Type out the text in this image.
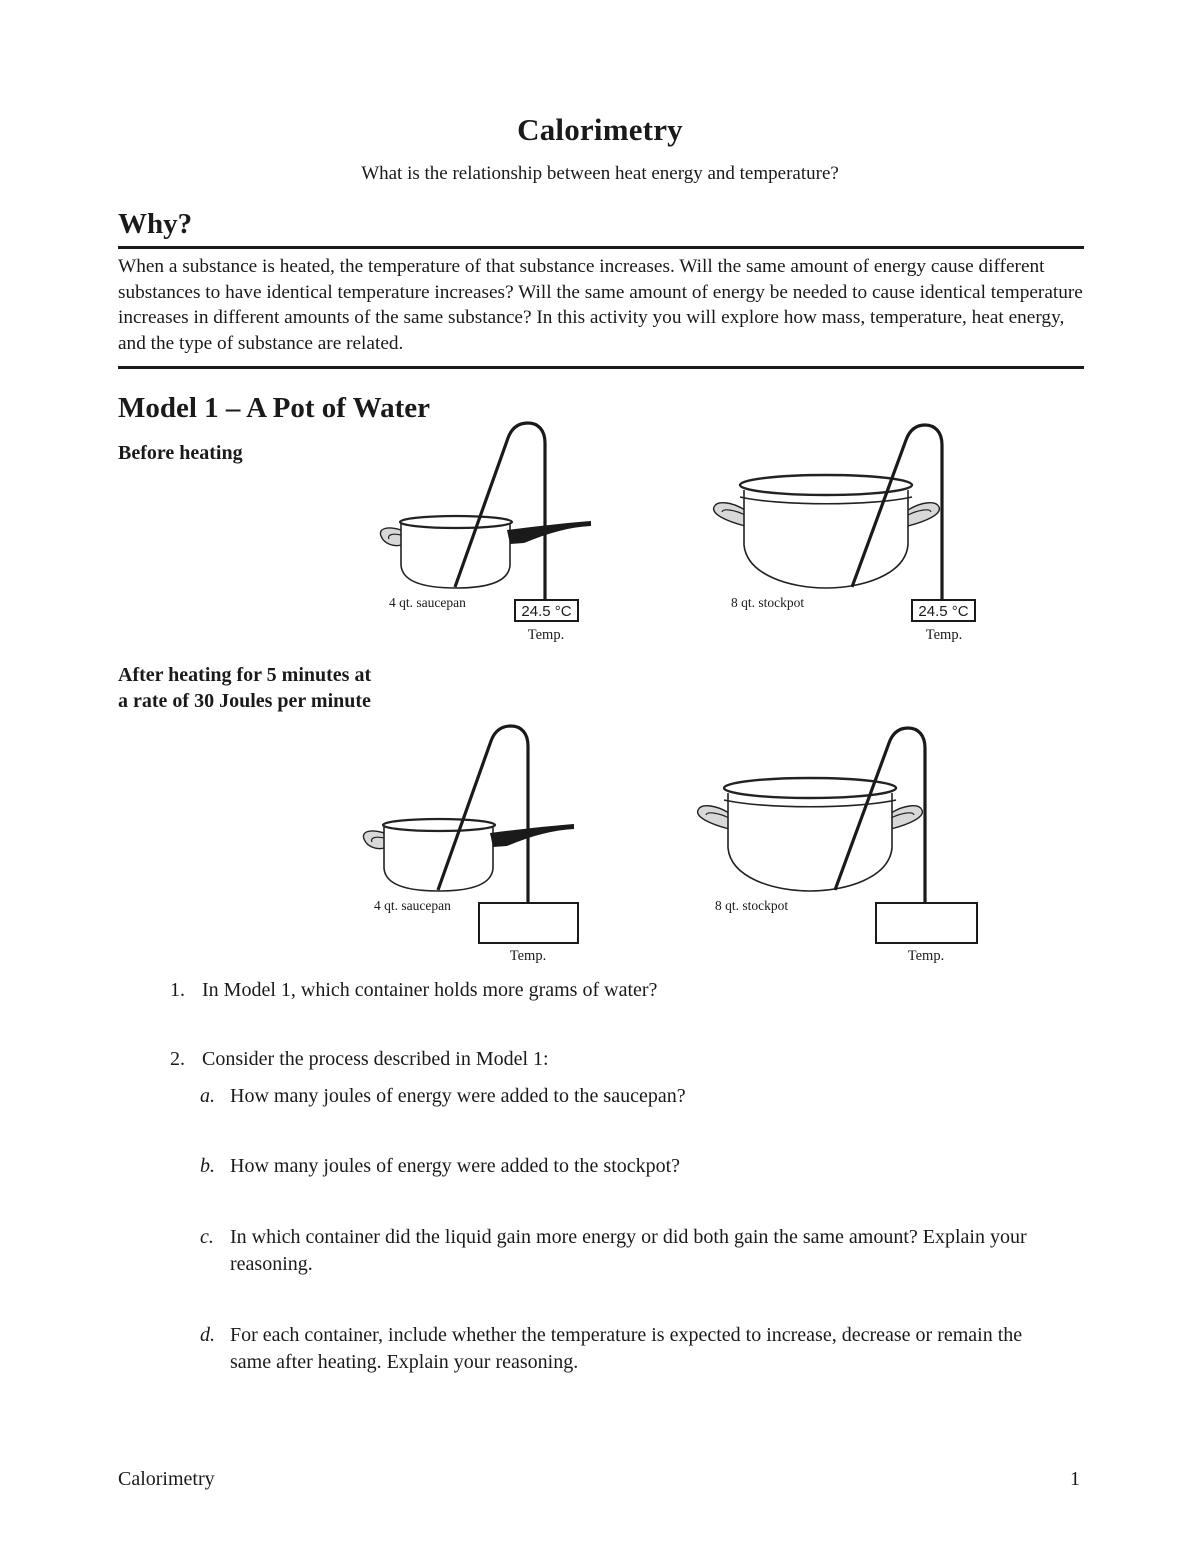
Calorimetry
What is the relationship between heat energy and temperature?
Why?
When a substance is heated, the temperature of that substance increases. Will the same amount of energy cause different substances to have identical temperature increases? Will the same amount of energy be needed to cause identical temperature increases in different amounts of the same substance? In this activity you will explore how mass, temperature, heat energy, and the type of substance are related.
Model 1 – A Pot of Water
Before heating
After heating for 5 minutes at
a rate of 30 Joules per minute
24.5 °C
Temp.
4 qt. saucepan
24.5 °C
Temp.
8 qt. stockpot
Temp.
4 qt. saucepan
Temp.
8 qt. stockpot
1. In Model 1, which container holds more grams of water?
2. Consider the process described in Model 1:
a. How many joules of energy were added to the saucepan?
b. How many joules of energy were added to the stockpot?
c. In which container did the liquid gain more energy or did both gain the same amount? Explain your reasoning.
d. For each container, include whether the temperature is expected to increase, decrease or remain the same after heating. Explain your reasoning.
Calorimetry	1
